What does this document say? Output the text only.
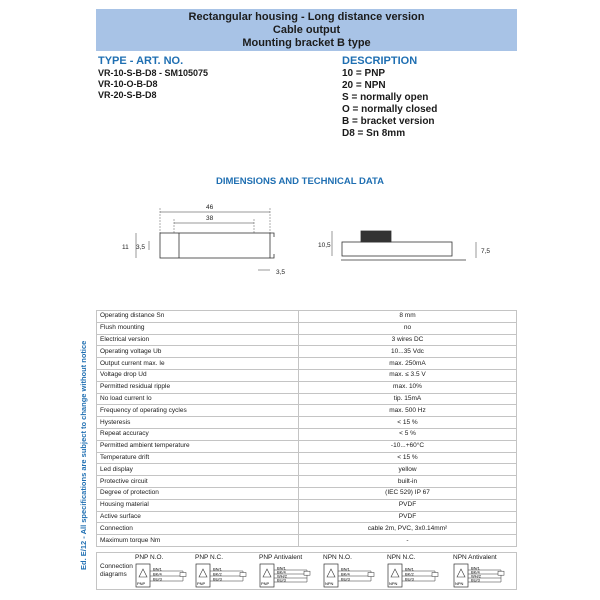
Rectangular housing - Long distance version
Cable output
Mounting bracket B type
TYPE - ART. NO.
VR-10-S-B-D8 - SM105075
VR-10-O-B-D8
VR-20-S-B-D8
DESCRIPTION
10 = PNP
20 = NPN
S = normally open
O = normally closed
B = bracket version
D8 = Sn 8mm
DIMENSIONS AND TECHNICAL DATA
46
38
11 3,5
3,5
10,5
7,5
Ed. E/12 - All specifications are subject to change without notice
Operating distance Sn	8 mm
Flush mounting	no
Electrical version	3 wires DC
Operating voltage Ub	10...35 Vdc
Output current max. Ie	max. 250mA
Voltage drop Ud	max. ≤ 3.5 V
Permitted residual ripple	max. 10%
No load current Io	tip. 15mA
Frequency of operating cycles	max. 500 Hz
Hysteresis	< 15 %
Repeat accuracy	< 5 %
Permitted ambient temperature	-10...+60°C
Temperature drift	< 15 %
Led display	yellow
Protective circuit	built-in
Degree of protection	(IEC 529) IP 67
Housing material	PVDF
Active surface	PVDF
Connection	cable 2m, PVC, 3x0.14mm²
Maximum torque Nm	-
Connection
diagrams
PNP N.O.
PNP
BN/1
BK/4
BU/3
PNP N.C.
PNP
BN/1
BK/2
BU/3
PNP Antivalent
PNP
BN/1
BK/4
WH/2
BU/3
NPN N.O.
NPN
BN/1
BK/4
BU/3
NPN N.C.
NPN
BN/1
BK/2
BU/3
NPN Antivalent
NPN
BN/1
BK/4
WH/2
BU/3
